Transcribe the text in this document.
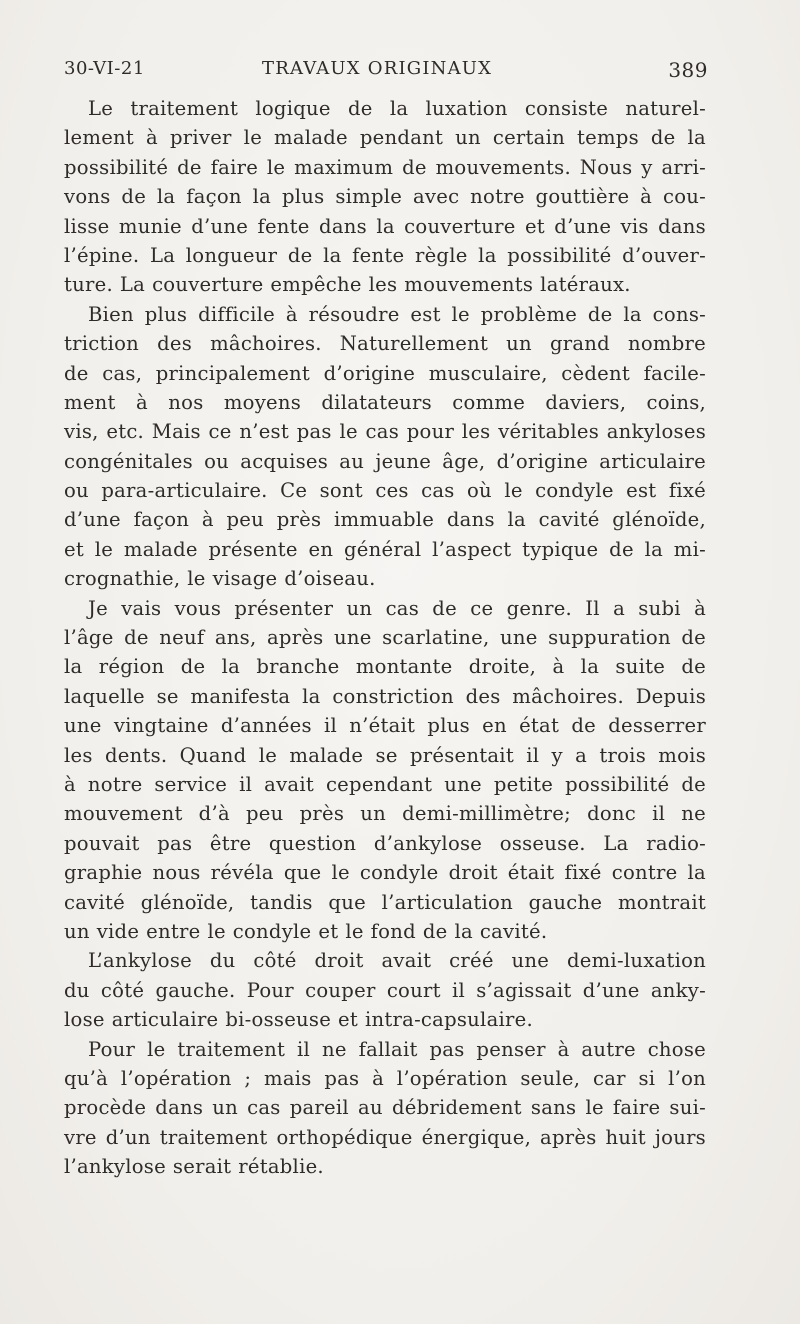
30-VI-21	TRAVAUX ORIGINAUX	389
Le traitement logique de la luxation consiste naturel-
lement à priver le malade pendant un certain temps de la
possibilité de faire le maximum de mouvements. Nous y arri-
vons de la façon la plus simple avec notre gouttière à cou-
lisse munie d’une fente dans la couverture et d’une vis dans
l’épine. La longueur de la fente règle la possibilité d’ouver-
ture. La couverture empêche les mouvements latéraux.
Bien plus difficile à résoudre est le problème de la cons-
triction des mâchoires. Naturellement un grand nombre
de cas, principalement d’origine musculaire, cèdent facile-
ment à nos moyens dilatateurs comme daviers, coins,
vis, etc. Mais ce n’est pas le cas pour les véritables ankyloses
congénitales ou acquises au jeune âge, d’origine articulaire
ou para-articulaire. Ce sont ces cas où le condyle est fixé
d’une façon à peu près immuable dans la cavité glénoïde,
et le malade présente en général l’aspect typique de la mi-
crognathie, le visage d’oiseau.
Je vais vous présenter un cas de ce genre. Il a subi à
l’âge de neuf ans, après une scarlatine, une suppuration de
la région de la branche montante droite, à la suite de
laquelle se manifesta la constriction des mâchoires. Depuis
une vingtaine d’années il n’était plus en état de desserrer
les dents. Quand le malade se présentait il y a trois mois
à notre service il avait cependant une petite possibilité de
mouvement d’à peu près un demi-millimètre; donc il ne
pouvait pas être question d’ankylose osseuse. La radio-
graphie nous révéla que le condyle droit était fixé contre la
cavité glénoïde, tandis que l’articulation gauche montrait
un vide entre le condyle et le fond de la cavité.
L’ankylose du côté droit avait créé une demi-luxation
du côté gauche. Pour couper court il s’agissait d’une anky-
lose articulaire bi-osseuse et intra-capsulaire.
Pour le traitement il ne fallait pas penser à autre chose
qu’à l’opération ; mais pas à l’opération seule, car si l’on
procède dans un cas pareil au débridement sans le faire sui-
vre d’un traitement orthopédique énergique, après huit jours
l’ankylose serait rétablie.
